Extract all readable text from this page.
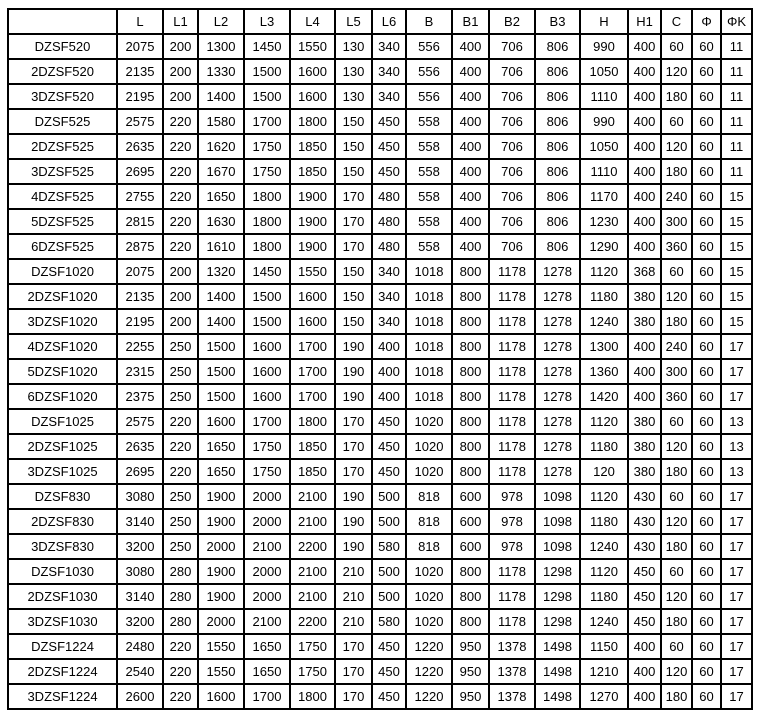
	L	L1	L2	L3	L4	L5	L6	B	B1	B2	B3	H	H1	C	Φ	ΦK
DZSF520	2075	200	1300	1450	1550	130	340	556	400	706	806	990	400	60	60	11
2DZSF520	2135	200	1330	1500	1600	130	340	556	400	706	806	1050	400	120	60	11
3DZSF520	2195	200	1400	1500	1600	130	340	556	400	706	806	1110	400	180	60	11
DZSF525	2575	220	1580	1700	1800	150	450	558	400	706	806	990	400	60	60	11
2DZSF525	2635	220	1620	1750	1850	150	450	558	400	706	806	1050	400	120	60	11
3DZSF525	2695	220	1670	1750	1850	150	450	558	400	706	806	1110	400	180	60	11
4DZSF525	2755	220	1650	1800	1900	170	480	558	400	706	806	1170	400	240	60	15
5DZSF525	2815	220	1630	1800	1900	170	480	558	400	706	806	1230	400	300	60	15
6DZSF525	2875	220	1610	1800	1900	170	480	558	400	706	806	1290	400	360	60	15
DZSF1020	2075	200	1320	1450	1550	150	340	1018	800	1178	1278	1120	368	60	60	15
2DZSF1020	2135	200	1400	1500	1600	150	340	1018	800	1178	1278	1180	380	120	60	15
3DZSF1020	2195	200	1400	1500	1600	150	340	1018	800	1178	1278	1240	380	180	60	15
4DZSF1020	2255	250	1500	1600	1700	190	400	1018	800	1178	1278	1300	400	240	60	17
5DZSF1020	2315	250	1500	1600	1700	190	400	1018	800	1178	1278	1360	400	300	60	17
6DZSF1020	2375	250	1500	1600	1700	190	400	1018	800	1178	1278	1420	400	360	60	17
DZSF1025	2575	220	1600	1700	1800	170	450	1020	800	1178	1278	1120	380	60	60	13
2DZSF1025	2635	220	1650	1750	1850	170	450	1020	800	1178	1278	1180	380	120	60	13
3DZSF1025	2695	220	1650	1750	1850	170	450	1020	800	1178	1278	120	380	180	60	13
DZSF830	3080	250	1900	2000	2100	190	500	818	600	978	1098	1120	430	60	60	17
2DZSF830	3140	250	1900	2000	2100	190	500	818	600	978	1098	1180	430	120	60	17
3DZSF830	3200	250	2000	2100	2200	190	580	818	600	978	1098	1240	430	180	60	17
DZSF1030	3080	280	1900	2000	2100	210	500	1020	800	1178	1298	1120	450	60	60	17
2DZSF1030	3140	280	1900	2000	2100	210	500	1020	800	1178	1298	1180	450	120	60	17
3DZSF1030	3200	280	2000	2100	2200	210	580	1020	800	1178	1298	1240	450	180	60	17
DZSF1224	2480	220	1550	1650	1750	170	450	1220	950	1378	1498	1150	400	60	60	17
2DZSF1224	2540	220	1550	1650	1750	170	450	1220	950	1378	1498	1210	400	120	60	17
3DZSF1224	2600	220	1600	1700	1800	170	450	1220	950	1378	1498	1270	400	180	60	17
